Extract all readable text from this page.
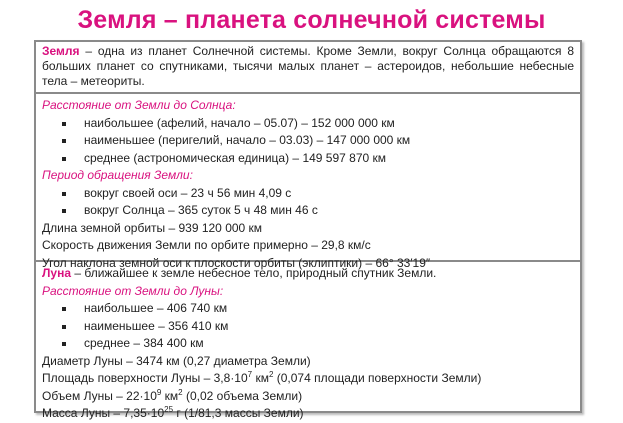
Земля – планета солнечной системы

Земля – одна из планет Солнечной системы. Кроме Земли, вокруг Солнца обращаются 8 больших планет со спутниками, тысячи малых планет – астероидов, небольшие небесные тела – метеориты.

Расстояние от Земли до Солнца:
наибольшее (афелий, начало – 05.07) – 152 000 000 км
наименьшее (перигелий, начало – 03.03) – 147 000 000 км
среднее (астрономическая единица) – 149 597 870 км
Период обращения Земли:
вокруг своей оси – 23 ч 56 мин 4,09 с
вокруг Солнца – 365 суток 5 ч 48 мин 46 с
Длина земной орбиты – 939 120 000 км
Скорость движения Земли по орбите примерно – 29,8 км/с
Угол наклона земной оси к плоскости орбиты (эклиптики) – 66° 33′19″
Луна – ближайшее к земле небесное тело, природный спутник Земли.
Расстояние от Земли до Луны:
наибольшее – 406 740 км
наименьшее – 356 410 км
среднее – 384 400 км
Диаметр Луны – 3474 км (0,27 диаметра Земли)
Площадь поверхности Луны – $3,8\cdot 10^7$ $км^2$ (0,074 площади поверхности Земли)
Объем Луны – $22\cdot 10^9$ $км^2$ (0,02 объема Земли)
Масса Луны – $7,35\cdot 10^{25}$ г (1/81,3 массы Земли)
